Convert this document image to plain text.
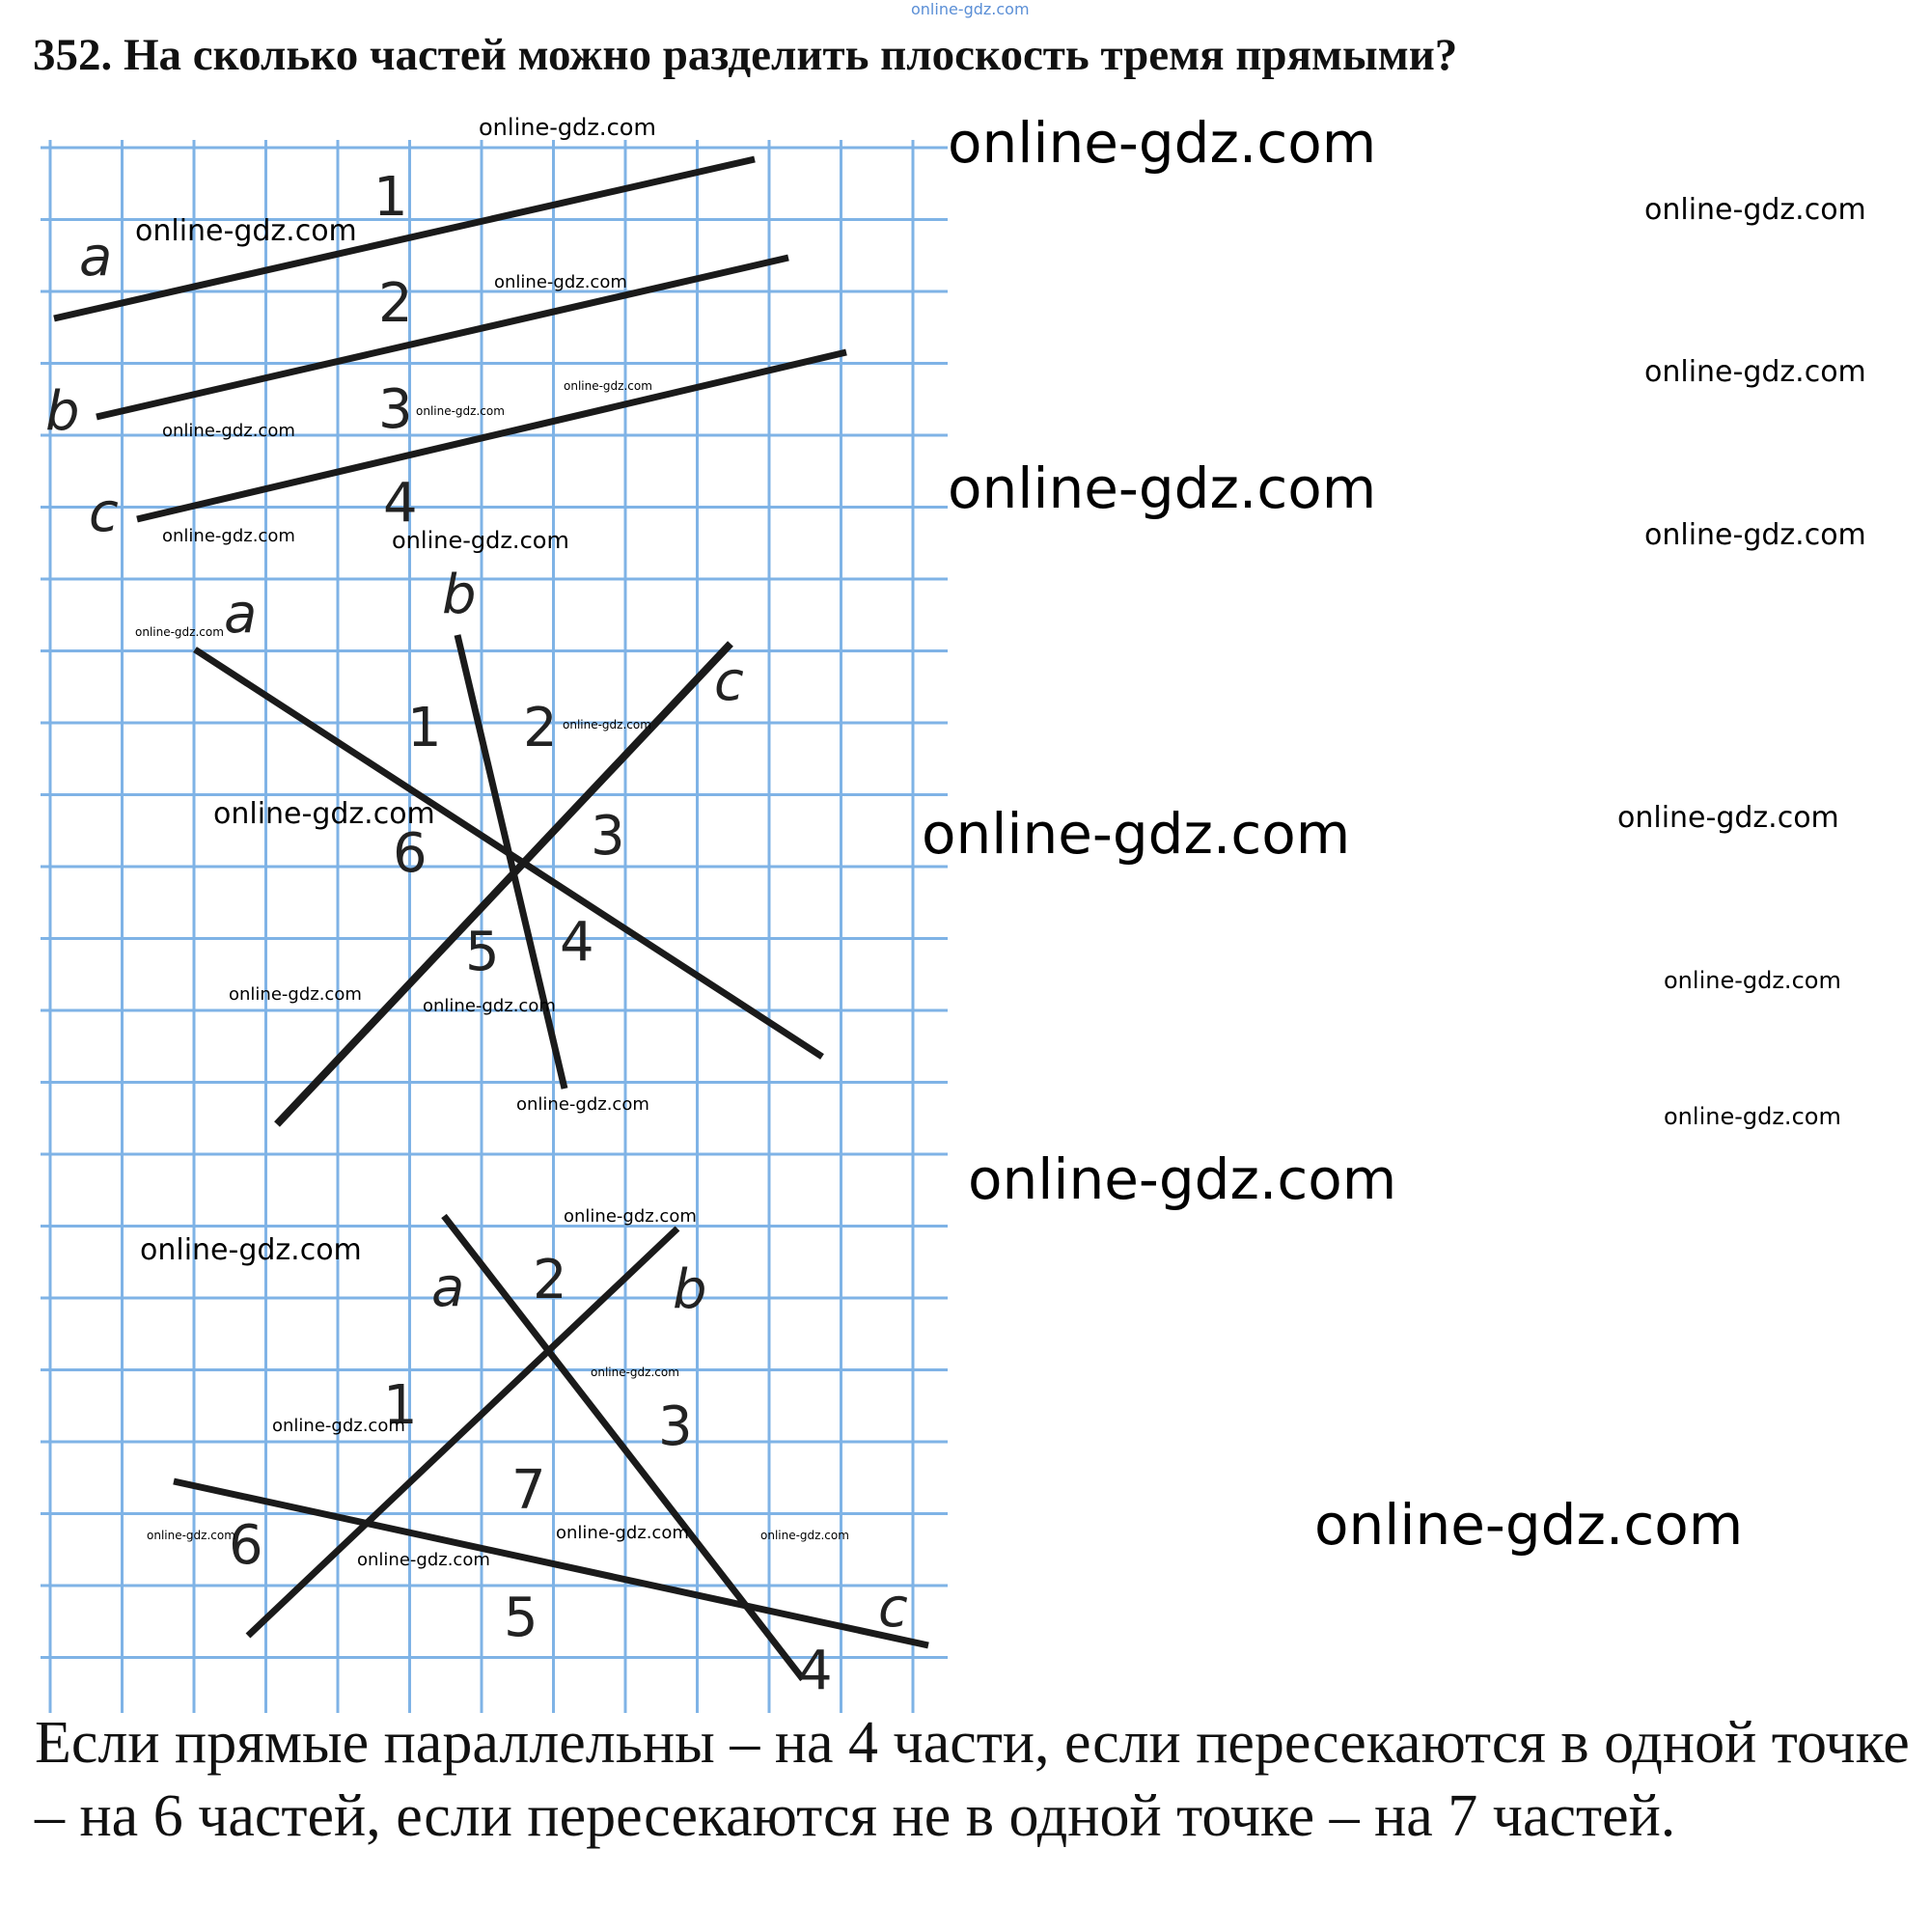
online-gdz.com
352. На сколько частей можно разделить плоскость тремя прямыми?
a
b
c
1
2
3
4
a	b
c
1 2
3
4
5
6
a	b
c
1
2
3
4
5
6
7
online-gdz.com
online-gdz.com
online-gdz.com
online-gdz.com
online-gdz.com
online-gdz.com
online-gdz.com
online-gdz.com
online-gdz.com
online-gdz.com
online-gdz.com
online-gdz.com
online-gdz.com
online-gdz.com
online-gdz.com
online-gdz.com
online-gdz.com
online-gdz.com	online-gdz.com
online-gdz.com
online-gdz.com
online-gdz.com
online-gdz.com
online-gdz.com
online-gdz.com
online-gdz.com
online-gdz.com
online-gdz.com
online-gdz.com
online-gdz.com	online-gdz.com	online-gdz.com
online-gdz.com
Если прямые параллельны – на 4 части, если пересекаются в одной точке – на 6 частей, если пересекаются не в одной точке – на 7 частей.
